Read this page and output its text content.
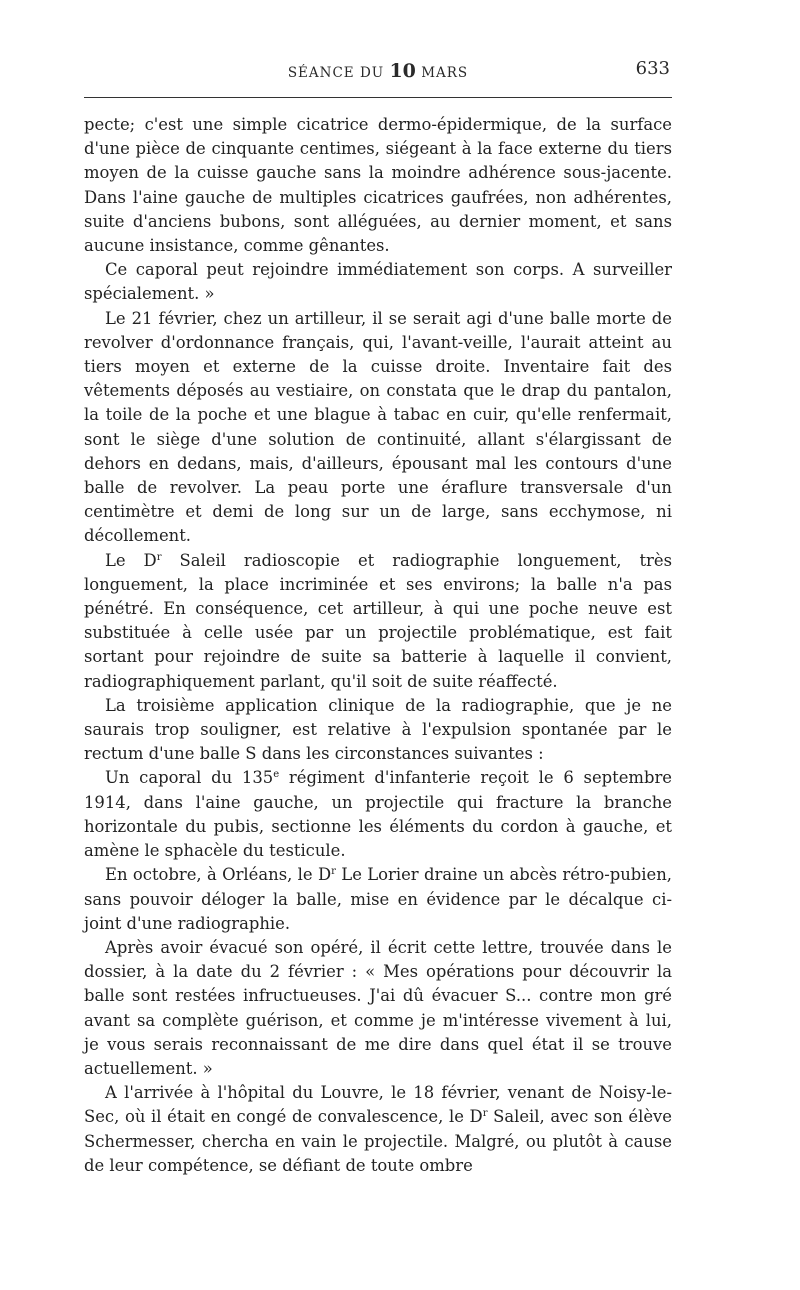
SÉANCE DU 10 MARS	633

pecte; c'est une simple cicatrice dermo-épidermique, de la surface d'une pièce de cinquante centimes, siégeant à la face externe du tiers moyen de la cuisse gauche sans la moindre adhérence sous-jacente. Dans l'aine gauche de multiples cicatrices gaufrées, non adhérentes, suite d'anciens bubons, sont alléguées, au dernier moment, et sans aucune insistance, comme gênantes.

Ce caporal peut rejoindre immédiatement son corps. A surveiller spécialement. »

Le 21 février, chez un artilleur, il se serait agi d'une balle morte de revolver d'ordonnance français, qui, l'avant-veille, l'aurait atteint au tiers moyen et externe de la cuisse droite. Inventaire fait des vêtements déposés au vestiaire, on constata que le drap du pantalon, la toile de la poche et une blague à tabac en cuir, qu'elle renfermait, sont le siège d'une solution de continuité, allant s'élargissant de dehors en dedans, mais, d'ailleurs, épousant mal les contours d'une balle de revolver. La peau porte une éraflure transversale d'un centimètre et demi de long sur un de large, sans ecchymose, ni décollement.

Le $D^r$ Saleil radioscopie et radiographie longuement, très longuement, la place incriminée et ses environs; la balle n'a pas pénétré. En conséquence, cet artilleur, à qui une poche neuve est substituée à celle usée par un projectile problématique, est fait sortant pour rejoindre de suite sa batterie à laquelle il convient, radiographiquement parlant, qu'il soit de suite réaffecté.

La troisième application clinique de la radiographie, que je ne saurais trop souligner, est relative à l'expulsion spontanée par le rectum d'une balle S dans les circonstances suivantes :

Un caporal du 135e régiment d'infanterie reçoit le 6 septembre 1914, dans l'aine gauche, un projectile qui fracture la branche horizontale du pubis, sectionne les éléments du cordon à gauche, et amène le sphacèle du testicule.

En octobre, à Orléans, le $D^r$ Le Lorier draine un abcès rétro-pubien, sans pouvoir déloger la balle, mise en évidence par le décalque ci-joint d'une radiographie.

Après avoir évacué son opéré, il écrit cette lettre, trouvée dans le dossier, à la date du 2 février : « Mes opérations pour découvrir la balle sont restées infructueuses. J'ai dû évacuer S... contre mon gré avant sa complète guérison, et comme je m'intéresse vivement à lui, je vous serais reconnaissant de me dire dans quel état il se trouve actuellement. »

A l'arrivée à l'hôpital du Louvre, le 18 février, venant de Noisy-le-Sec, où il était en congé de convalescence, le $D^r$ Saleil, avec son élève Schermesser, chercha en vain le projectile. Malgré, ou plutôt à cause de leur compétence, se défiant de toute ombre
